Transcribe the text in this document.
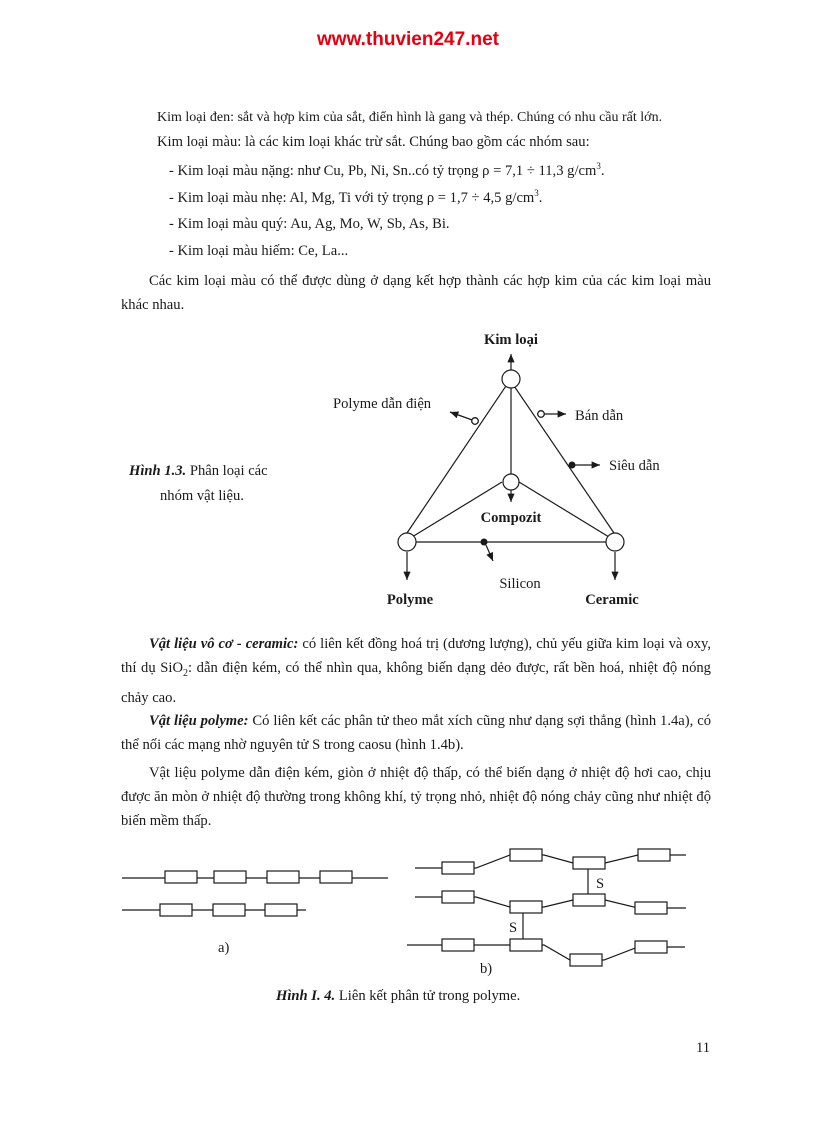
www.thuvien247.net
Kim loại đen: sắt và hợp kim của sắt, điển hình là gang và thép. Chúng có nhu cầu rất lớn.
Kim loại màu: là các kim loại khác trừ sắt. Chúng bao gồm các nhóm sau:
- Kim loại màu nặng: như Cu, Pb, Ni, Sn..có tỷ trọng ρ = 7,1 ÷ 11,3 $g/cm^3$.
- Kim loại màu nhẹ: Al, Mg, Ti với tỷ trọng ρ = 1,7 ÷ 4,5 $g/cm^3$.
- Kim loại màu quý: Au, Ag, Mo, W, Sb, As, Bi.
- Kim loại màu hiếm: Ce, La...
Các kim loại màu có thể được dùng ở dạng kết hợp thành các hợp kim của các kim loại màu khác nhau.
Kim loại
Polyme dẫn điện
Bán dẫn
Siêu dẫn
Compozit
Silicon
Polyme	Ceramic
Hình 1.3. Phân loại các
nhóm vật liệu.
Vật liệu vô cơ - ceramic: có liên kết đồng hoá trị (dương lượng), chủ yếu giữa kim loại và oxy, thí dụ SiO$_2$: dẫn điện kém, có thể nhìn qua, không biến dạng dẻo được, rất bền hoá, nhiệt độ nóng chảy cao.
Vật liệu polyme: Có liên kết các phân tử theo mắt xích cũng như dạng sợi thẳng (hình 1.4a), có thể nối các mạng nhờ nguyên tử S trong caosu (hình 1.4b).
Vật liệu polyme dẫn điện kém, giòn ở nhiệt độ thấp, có thể biến dạng ở nhiệt độ hơi cao, chịu được ăn mòn ở nhiệt độ thường trong không khí, tỷ trọng nhỏ, nhiệt độ nóng chảy cũng như nhiệt độ biến mềm thấp.
S
S
a)
b)
Hình I. 4. Liên kết phân tử trong polyme.
11
